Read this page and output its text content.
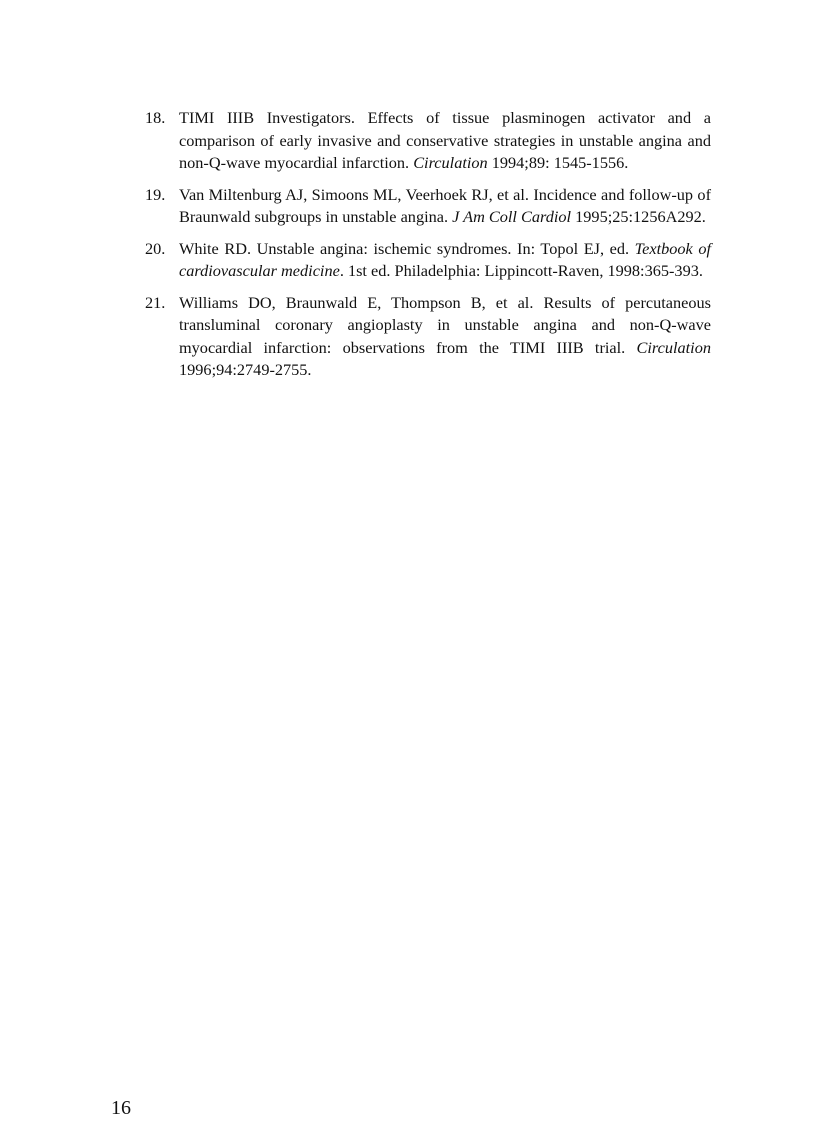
18. TIMI IIIB Investigators. Effects of tissue plasminogen activator and a comparison of early invasive and conservative strategies in unstable angina and non-Q-wave myocardial infarction. Circulation 1994;89: 1545-1556.
19. Van Miltenburg AJ, Simoons ML, Veerhoek RJ, et al. Incidence and follow-up of Braunwald subgroups in unstable angina. J Am Coll Cardiol 1995;25:1256A292.
20. White RD. Unstable angina: ischemic syndromes. In: Topol EJ, ed. Textbook of cardiovascular medicine. 1st ed. Philadelphia: Lippincott-Raven, 1998:365-393.
21. Williams DO, Braunwald E, Thompson B, et al. Results of percutaneous transluminal coronary angioplasty in unstable angina and non-Q-wave myocardial infarction: observations from the TIMI IIIB trial. Circulation 1996;94:2749-2755.
16
